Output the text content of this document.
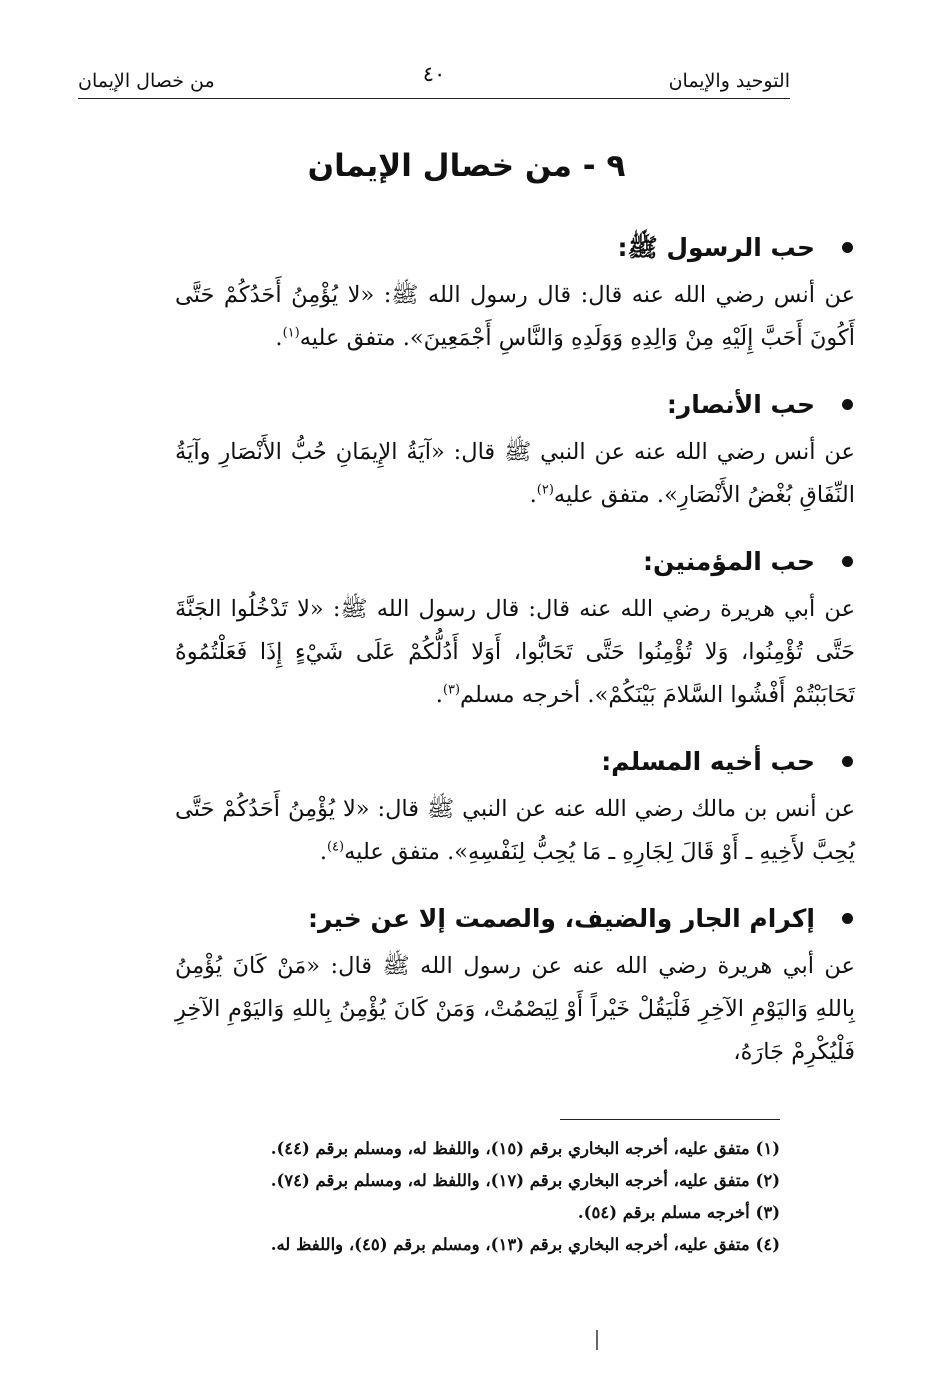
التوحيد والإيمان
٤٠
من خصال الإيمان
٩ - من خصال الإيمان
حب الرسول ﷺ:

عن أنس رضي الله عنه قال: قال رسول الله ﷺ: «لا يُؤْمِنُ أَحَدُكُمْ حَتَّى أَكُونَ أَحَبَّ إِلَيْهِ مِنْ وَالِدِهِ وَوَلَدِهِ وَالنَّاسِ أَجْمَعِينَ». متفق عليه$^{(١)}$.

حب الأنصار:

عن أنس رضي الله عنه عن النبي ﷺ قال: «آيَةُ الإِيمَانِ حُبُّ الأَنْصَارِ وآيَةُ النِّفَاقِ بُغْضُ الأَنْصَارِ». متفق عليه$^{(٢)}$.

حب المؤمنين:

عن أبي هريرة رضي الله عنه قال: قال رسول الله ﷺ: «لا تَدْخُلُوا الجَنَّةَ حَتَّى تُؤْمِنُوا، وَلا تُؤْمِنُوا حَتَّى تَحَابُّوا، أَوَلا أَدُلُّكُمْ عَلَى شَيْءٍ إِذَا فَعَلْتُمُوهُ تَحَابَبْتُمْ أَفْشُوا السَّلامَ بَيْنَكُمْ». أخرجه مسلم$^{(٣)}$.

حب أخيه المسلم:

عن أنس بن مالك رضي الله عنه عن النبي ﷺ قال: «لا يُؤْمِنُ أَحَدُكُمْ حَتَّى يُحِبَّ لأَخِيهِ ـ أَوْ قَالَ لِجَارِهِ ـ مَا يُحِبُّ لِنَفْسِهِ». متفق عليه$^{(٤)}$.

إكرام الجار والضيف، والصمت إلا عن خير:

عن أبي هريرة رضي الله عنه عن رسول الله ﷺ قال: «مَنْ كَانَ يُؤْمِنُ بِاللهِ وَاليَوْمِ الآخِرِ فَلْيَقُلْ خَيْراً أَوْ لِيَصْمُتْ، وَمَنْ كَانَ يُؤْمِنُ بِاللهِ وَاليَوْمِ الآخِرِ فَلْيُكْرِمْ جَارَهُ،

(١) متفق عليه، أخرجه البخاري برقم (١٥)، واللفظ له، ومسلم برقم (٤٤).
(٢) متفق عليه، أخرجه البخاري برقم (١٧)، واللفظ له، ومسلم برقم (٧٤).
(٣) أخرجه مسلم برقم (٥٤).
(٤) متفق عليه، أخرجه البخاري برقم (١٣)، ومسلم برقم (٤٥)، واللفظ له.
